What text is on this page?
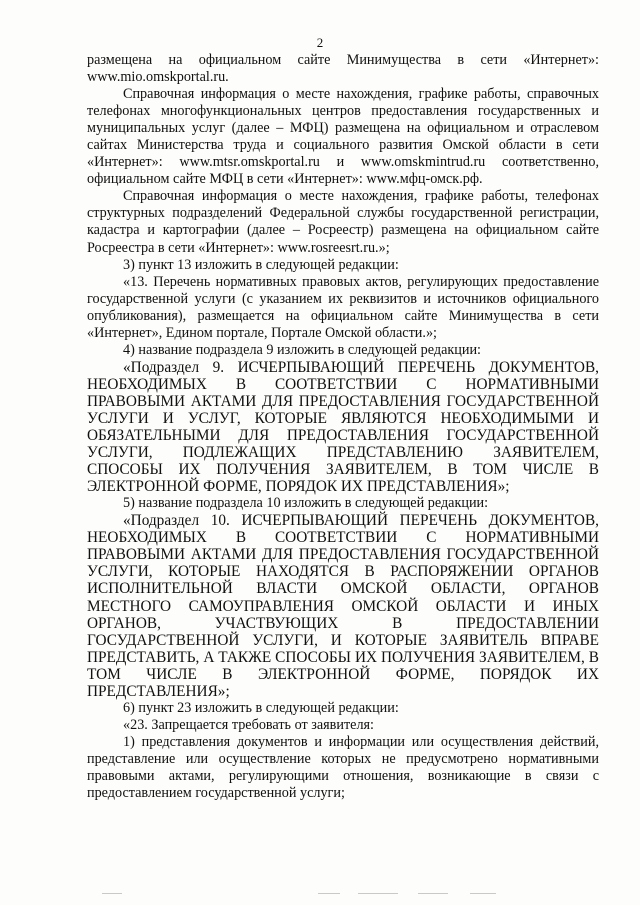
2

размещена на официальном сайте Минимущества в сети «Интернет»: www.mio.omskportal.ru.

Справочная информация о месте нахождения, графике работы, справочных телефонах многофункциональных центров предоставления государственных и муниципальных услуг (далее – МФЦ) размещена на официальном и отраслевом сайтах Министерства труда и социального развития Омской области в сети «Интернет»: www.mtsr.omskportal.ru и www.omskmintrud.ru соответственно, официальном сайте МФЦ в сети «Интернет»: www.мфц-омск.рф.

Справочная информация о месте нахождения, графике работы, телефонах структурных подразделений Федеральной службы государственной регистрации, кадастра и картографии (далее – Росреестр) размещена на официальном сайте Росреестра в сети «Интернет»: www.rosreesrt.ru.»;

3) пункт 13 изложить в следующей редакции:

«13. Перечень нормативных правовых актов, регулирующих предоставление государственной услуги (с указанием их реквизитов и источников официального опубликования), размещается на официальном сайте Минимущества в сети «Интернет», Едином портале, Портале Омской области.»;

4) название подраздела 9 изложить в следующей редакции:

«Подраздел 9. ИСЧЕРПЫВАЮЩИЙ ПЕРЕЧЕНЬ ДОКУМЕНТОВ, НЕОБХОДИМЫХ В СООТВЕТСТВИИ С НОРМАТИВНЫМИ ПРАВОВЫМИ АКТАМИ ДЛЯ ПРЕДОСТАВЛЕНИЯ ГОСУДАРСТВЕННОЙ УСЛУГИ И УСЛУГ, КОТОРЫЕ ЯВЛЯЮТСЯ НЕОБХОДИМЫМИ И ОБЯЗАТЕЛЬНЫМИ ДЛЯ ПРЕДОСТАВЛЕНИЯ ГОСУДАРСТВЕННОЙ УСЛУГИ, ПОДЛЕЖАЩИХ ПРЕДСТАВЛЕНИЮ ЗАЯВИТЕЛЕМ, СПОСОБЫ ИХ ПОЛУЧЕНИЯ ЗАЯВИТЕЛЕМ, В ТОМ ЧИСЛЕ В ЭЛЕКТРОННОЙ ФОРМЕ, ПОРЯДОК ИХ ПРЕДСТАВЛЕНИЯ»;

5) название подраздела 10 изложить в следующей редакции:

«Подраздел 10. ИСЧЕРПЫВАЮЩИЙ ПЕРЕЧЕНЬ ДОКУМЕНТОВ, НЕОБХОДИМЫХ В СООТВЕТСТВИИ С НОРМАТИВНЫМИ ПРАВОВЫМИ АКТАМИ ДЛЯ ПРЕДОСТАВЛЕНИЯ ГОСУДАРСТВЕННОЙ УСЛУГИ, КОТОРЫЕ НАХОДЯТСЯ В РАСПОРЯЖЕНИИ ОРГАНОВ ИСПОЛНИТЕЛЬНОЙ ВЛАСТИ ОМСКОЙ ОБЛАСТИ, ОРГАНОВ МЕСТНОГО САМОУПРАВЛЕНИЯ ОМСКОЙ ОБЛАСТИ И ИНЫХ ОРГАНОВ, УЧАСТВУЮЩИХ В ПРЕДОСТАВЛЕНИИ ГОСУДАРСТВЕННОЙ УСЛУГИ, И КОТОРЫЕ ЗАЯВИТЕЛЬ ВПРАВЕ ПРЕДСТАВИТЬ, А ТАКЖЕ СПОСОБЫ ИХ ПОЛУЧЕНИЯ ЗАЯВИТЕЛЕМ, В ТОМ ЧИСЛЕ В ЭЛЕКТРОННОЙ ФОРМЕ, ПОРЯДОК ИХ ПРЕДСТАВЛЕНИЯ»;

6) пункт 23 изложить в следующей редакции:

«23. Запрещается требовать от заявителя:

1) представления документов и информации или осуществления действий, представление или осуществление которых не предусмотрено нормативными правовыми актами, регулирующими отношения, возникающие в связи с предоставлением государственной услуги;
